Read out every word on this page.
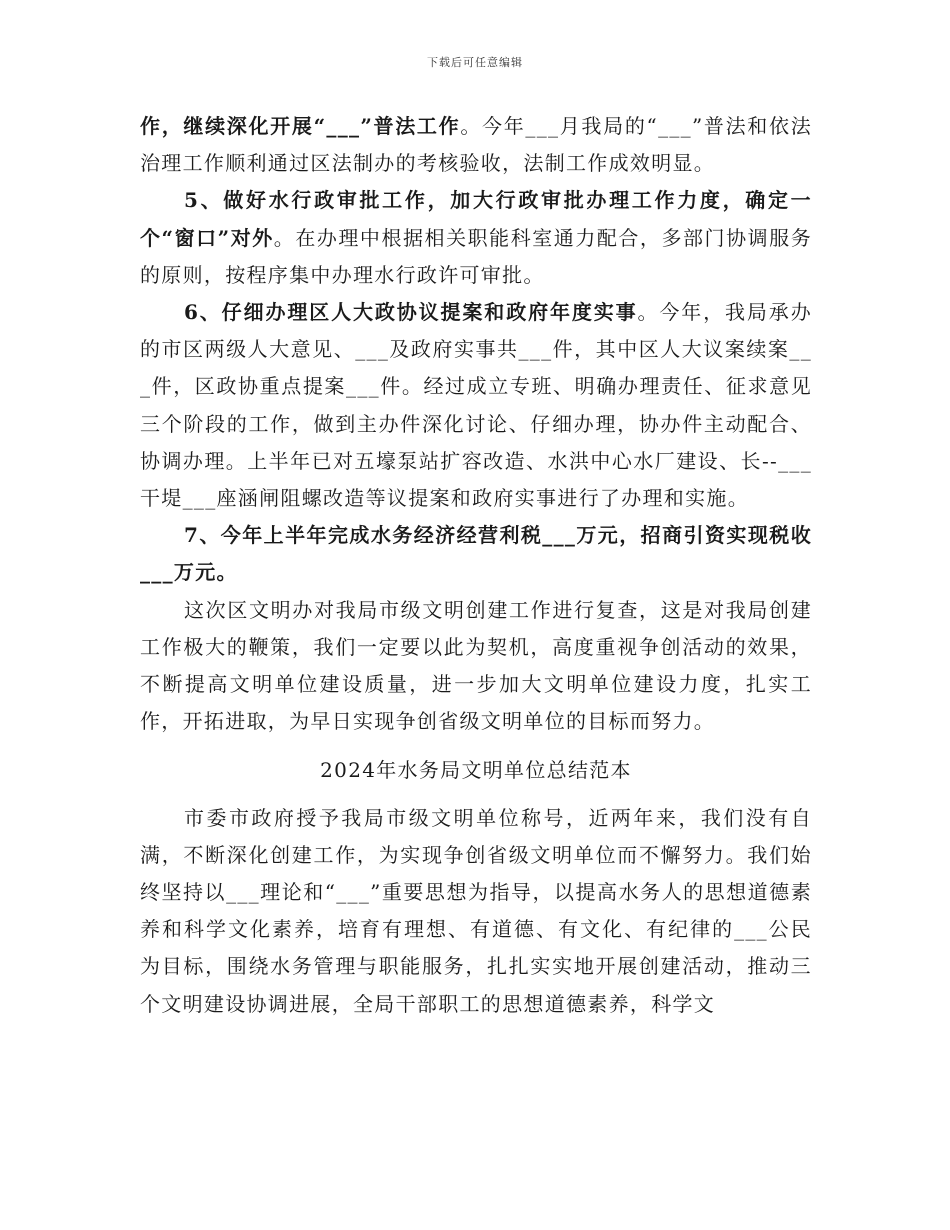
下载后可任意编辑

作，继续深化开展“___”普法工作。今年___月我局的“___”普法和依法治理工作顺利通过区法制办的考核验收，法制工作成效明显。

5、做好水行政审批工作，加大行政审批办理工作力度，确定一个“窗口”对外。在办理中根据相关职能科室通力配合，多部门协调服务的原则，按程序集中办理水行政许可审批。

6、仔细办理区人大政协议提案和政府年度实事。今年，我局承办的市区两级人大意见、___及政府实事共___件，其中区人大议案续案___件，区政协重点提案___件。经过成立专班、明确办理责任、征求意见三个阶段的工作，做到主办件深化讨论、仔细办理，协办件主动配合、协调办理。上半年已对五壕泵站扩容改造、水洪中心水厂建设、长--___干堤___座涵闸阻螺改造等议提案和政府实事进行了办理和实施。

7、今年上半年完成水务经济经营利税___万元，招商引资实现税收___万元。

这次区文明办对我局市级文明创建工作进行复查，这是对我局创建工作极大的鞭策，我们一定要以此为契机，高度重视争创活动的效果，不断提高文明单位建设质量，进一步加大文明单位建设力度，扎实工作，开拓进取，为早日实现争创省级文明单位的目标而努力。

2024年水务局文明单位总结范本

市委市政府授予我局市级文明单位称号，近两年来，我们没有自满，不断深化创建工作，为实现争创省级文明单位而不懈努力。我们始终坚持以___理论和“___”重要思想为指导，以提高水务人的思想道德素养和科学文化素养，培育有理想、有道德、有文化、有纪律的___公民为目标，围绕水务管理与职能服务，扎扎实实地开展创建活动，推动三个文明建设协调进展，全局干部职工的思想道德素养，科学文
